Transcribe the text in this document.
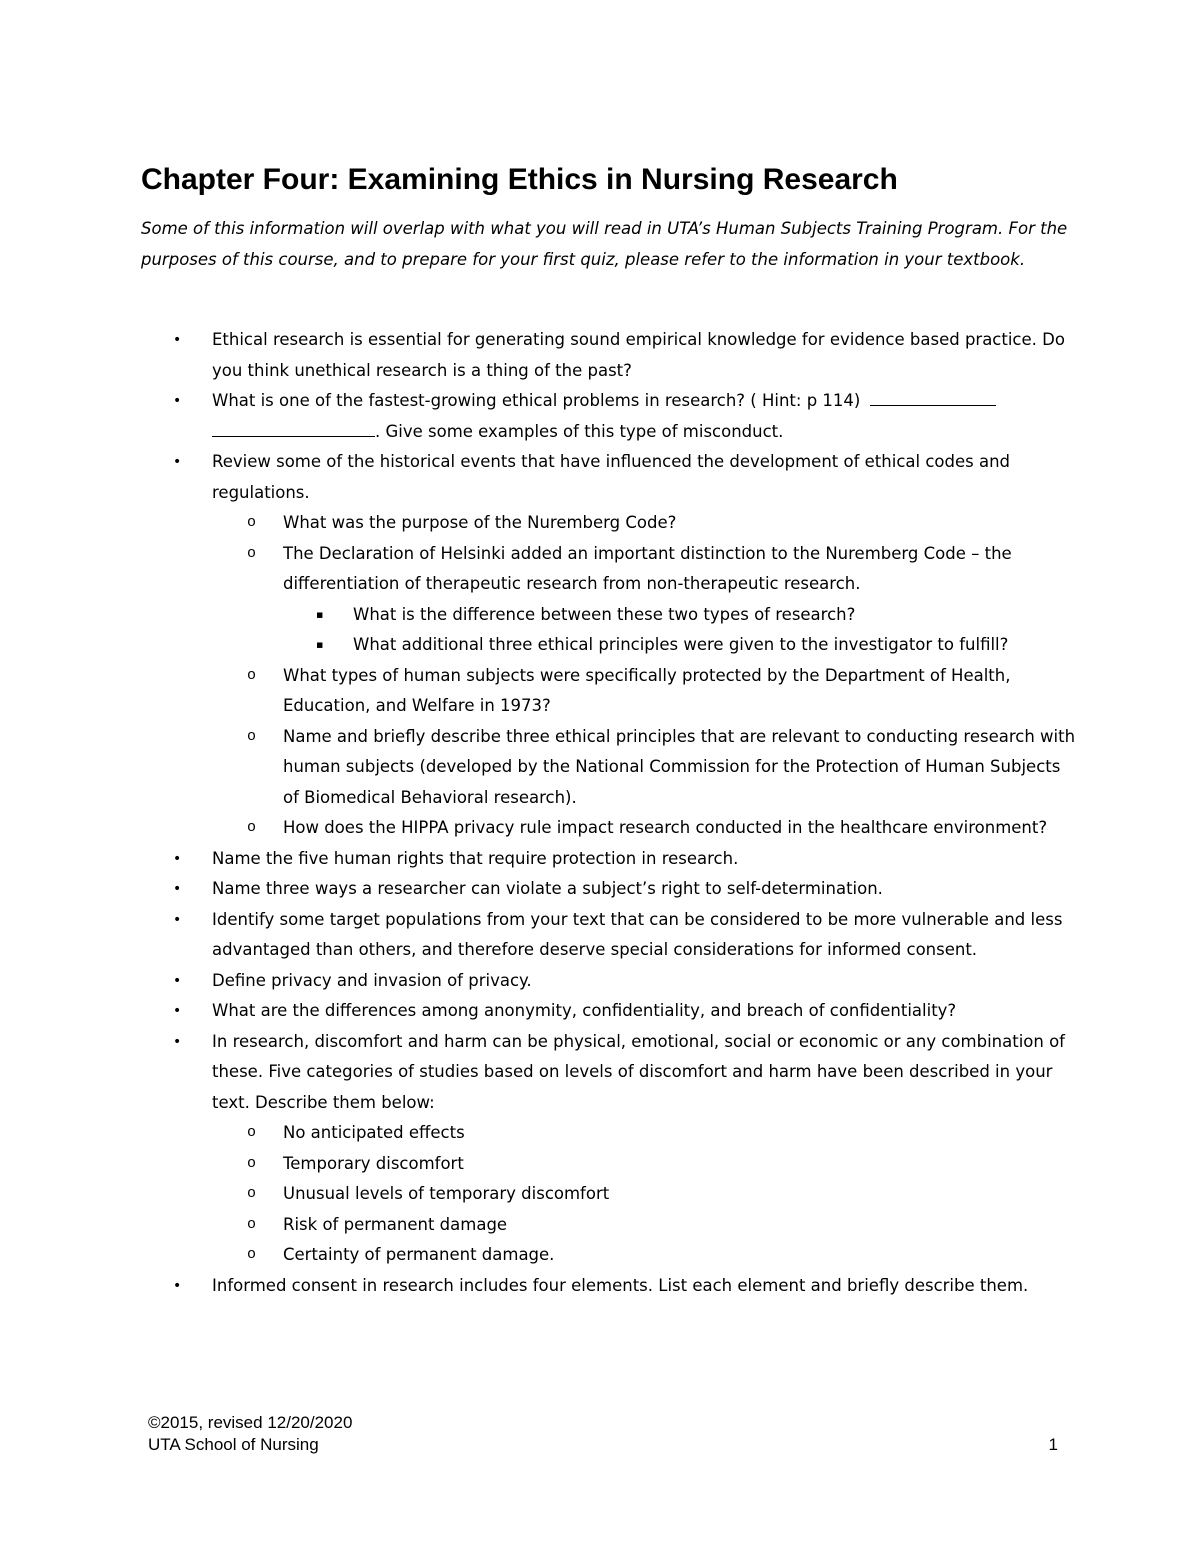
Chapter Four: Examining Ethics in Nursing Research

Some of this information will overlap with what you will read in UTA’s Human Subjects Training Program. For the purposes of this course, and to prepare for your first quiz, please refer to the information in your textbook.

•	Ethical research is essential for generating sound empirical knowledge for evidence based practice. Do you think unethical research is a thing of the past?
•	What is one of the fastest-growing ethical problems in research? ( Hint: p 114)
. Give some examples of this type of misconduct.
•	Review some of the historical events that have influenced the development of ethical codes and regulations.
o	What was the purpose of the Nuremberg Code?
o	The Declaration of Helsinki added an important distinction to the Nuremberg Code – the differentiation of therapeutic research from non-therapeutic research.
▪	What is the difference between these two types of research?
▪	What additional three ethical principles were given to the investigator to fulfill?
o	What types of human subjects were specifically protected by the Department of Health, Education, and Welfare in 1973?
o	Name and briefly describe three ethical principles that are relevant to conducting research with human subjects (developed by the National Commission for the Protection of Human Subjects of Biomedical Behavioral research).
o	How does the HIPPA privacy rule impact research conducted in the healthcare environment?
•	Name the five human rights that require protection in research.
•	Name three ways a researcher can violate a subject’s right to self-determination.
•	Identify some target populations from your text that can be considered to be more vulnerable and less advantaged than others, and therefore deserve special considerations for informed consent.
•	Define privacy and invasion of privacy.
•	What are the differences among anonymity, confidentiality, and breach of confidentiality?
•	In research, discomfort and harm can be physical, emotional, social or economic or any combination of these. Five categories of studies based on levels of discomfort and harm have been described in your text. Describe them below:
o	No anticipated effects
o	Temporary discomfort
o	Unusual levels of temporary discomfort
o	Risk of permanent damage
o	Certainty of permanent damage.
•	Informed consent in research includes four elements. List each element and briefly describe them.
©2015, revised 12/20/2020
UTA School of Nursing	1
